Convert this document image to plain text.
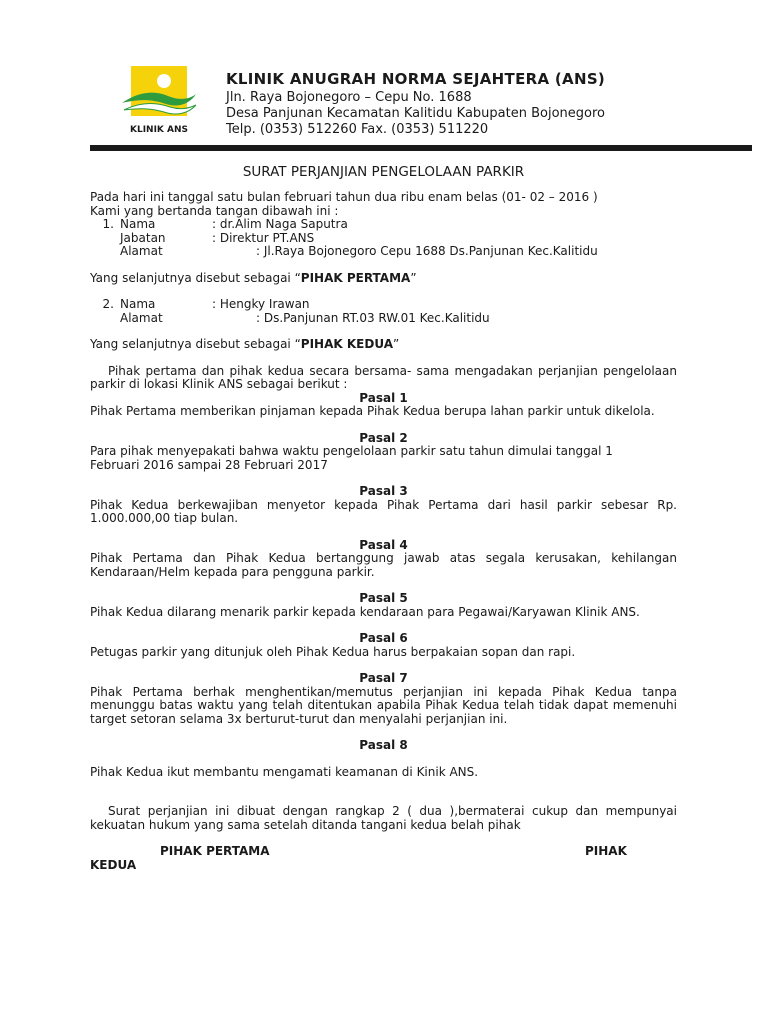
KLINIK ANS

KLINIK ANUGRAH NORMA SEJAHTERA (ANS)

Jln. Raya Bojonegoro – Cepu No. 1688

Desa Panjunan Kecamatan Kalitidu Kabupaten Bojonegoro

Telp. (0353) 512260 Fax. (0353) 511220

SURAT PERJANJIAN PENGELOLAAN PARKIR

Pada hari ini tanggal satu bulan februari tahun dua ribu enam belas (01- 02 – 2016 )

Kami yang bertanda tangan dibawah ini :

1. Nama	: dr.Alim Naga Saputra
Jabatan	: Direktur PT.ANS
Alamat	: Jl.Raya Bojonegoro Cepu 1688 Ds.Panjunan Kec.Kalitidu

Yang selanjutnya disebut sebagai “PIHAK PERTAMA”

2. Nama	: Hengky Irawan
Alamat	: Ds.Panjunan RT.03 RW.01 Kec.Kalitidu

Yang selanjutnya disebut sebagai “PIHAK KEDUA”

Pihak pertama dan pihak kedua secara bersama- sama mengadakan perjanjian pengelolaan parkir di lokasi Klinik ANS sebagai berikut :

Pasal 1

Pihak Pertama memberikan pinjaman kepada Pihak Kedua berupa lahan parkir untuk dikelola.

Pasal 2

Para pihak menyepakati bahwa waktu pengelolaan parkir satu tahun dimulai tanggal 1 Februari 2016 sampai 28 Februari 2017

Pasal 3

Pihak Kedua berkewajiban menyetor kepada Pihak Pertama dari hasil parkir sebesar Rp. 1.000.000,00 tiap bulan.

Pasal 4

Pihak Pertama dan Pihak Kedua bertanggung jawab atas segala kerusakan, kehilangan Kendaraan/Helm kepada para pengguna parkir.

Pasal 5

Pihak Kedua dilarang menarik parkir kepada kendaraan para Pegawai/Karyawan Klinik ANS.

Pasal 6

Petugas parkir yang ditunjuk oleh Pihak Kedua harus berpakaian sopan dan rapi.

Pasal 7

Pihak Pertama berhak menghentikan/memutus perjanjian ini kepada Pihak Kedua tanpa menunggu batas waktu yang telah ditentukan apabila Pihak Kedua telah tidak dapat memenuhi target setoran selama 3x berturut-turut dan menyalahi perjanjian ini.

Pasal 8

Pihak Kedua ikut membantu mengamati keamanan di Kinik ANS.

Surat perjanjian ini dibuat dengan rangkap 2 ( dua ),bermaterai cukup dan mempunyai kekuatan hukum yang sama setelah ditanda tangani kedua belah pihak

PIHAK PERTAMA	PIHAK

KEDUA
